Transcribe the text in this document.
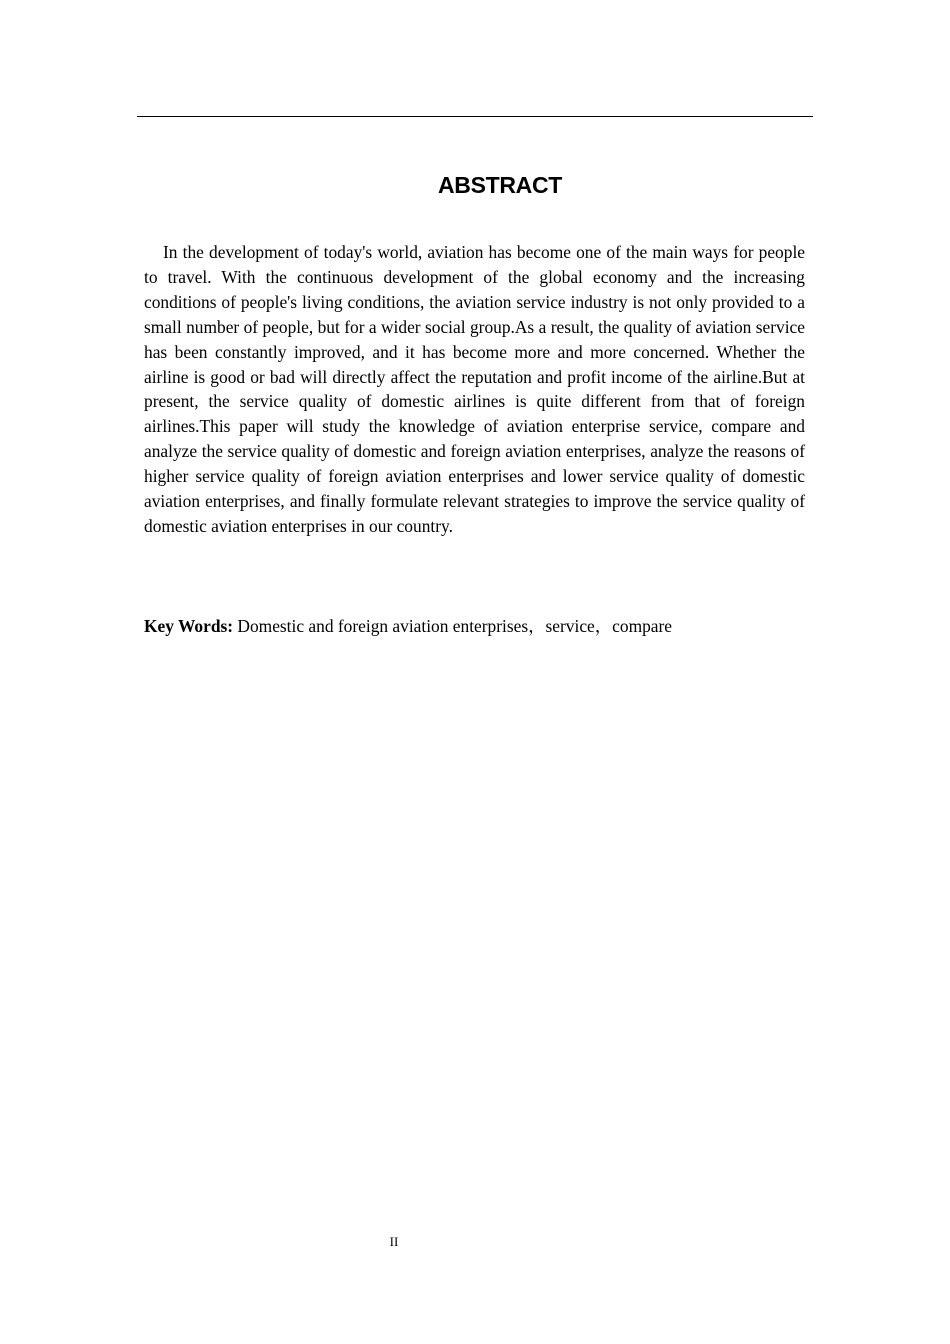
ABSTRACT

In the development of today's world, aviation has become one of the main ways for people to travel. With the continuous development of the global economy and the increasing conditions of people's living conditions, the aviation service industry is not only provided to a small number of people, but for a wider social group.As a result, the quality of aviation service has been constantly improved, and it has become more and more concerned. Whether the airline is good or bad will directly affect the reputation and profit income of the airline.But at present, the service quality of domestic airlines is quite different from that of foreign airlines.This paper will study the knowledge of aviation enterprise service, compare and analyze the service quality of domestic and foreign aviation enterprises, analyze the reasons of higher service quality of foreign aviation enterprises and lower service quality of domestic aviation enterprises, and finally formulate relevant strategies to improve the service quality of domestic aviation enterprises in our country.

Key Words: Domestic and foreign aviation enterprises，service，compare

II
